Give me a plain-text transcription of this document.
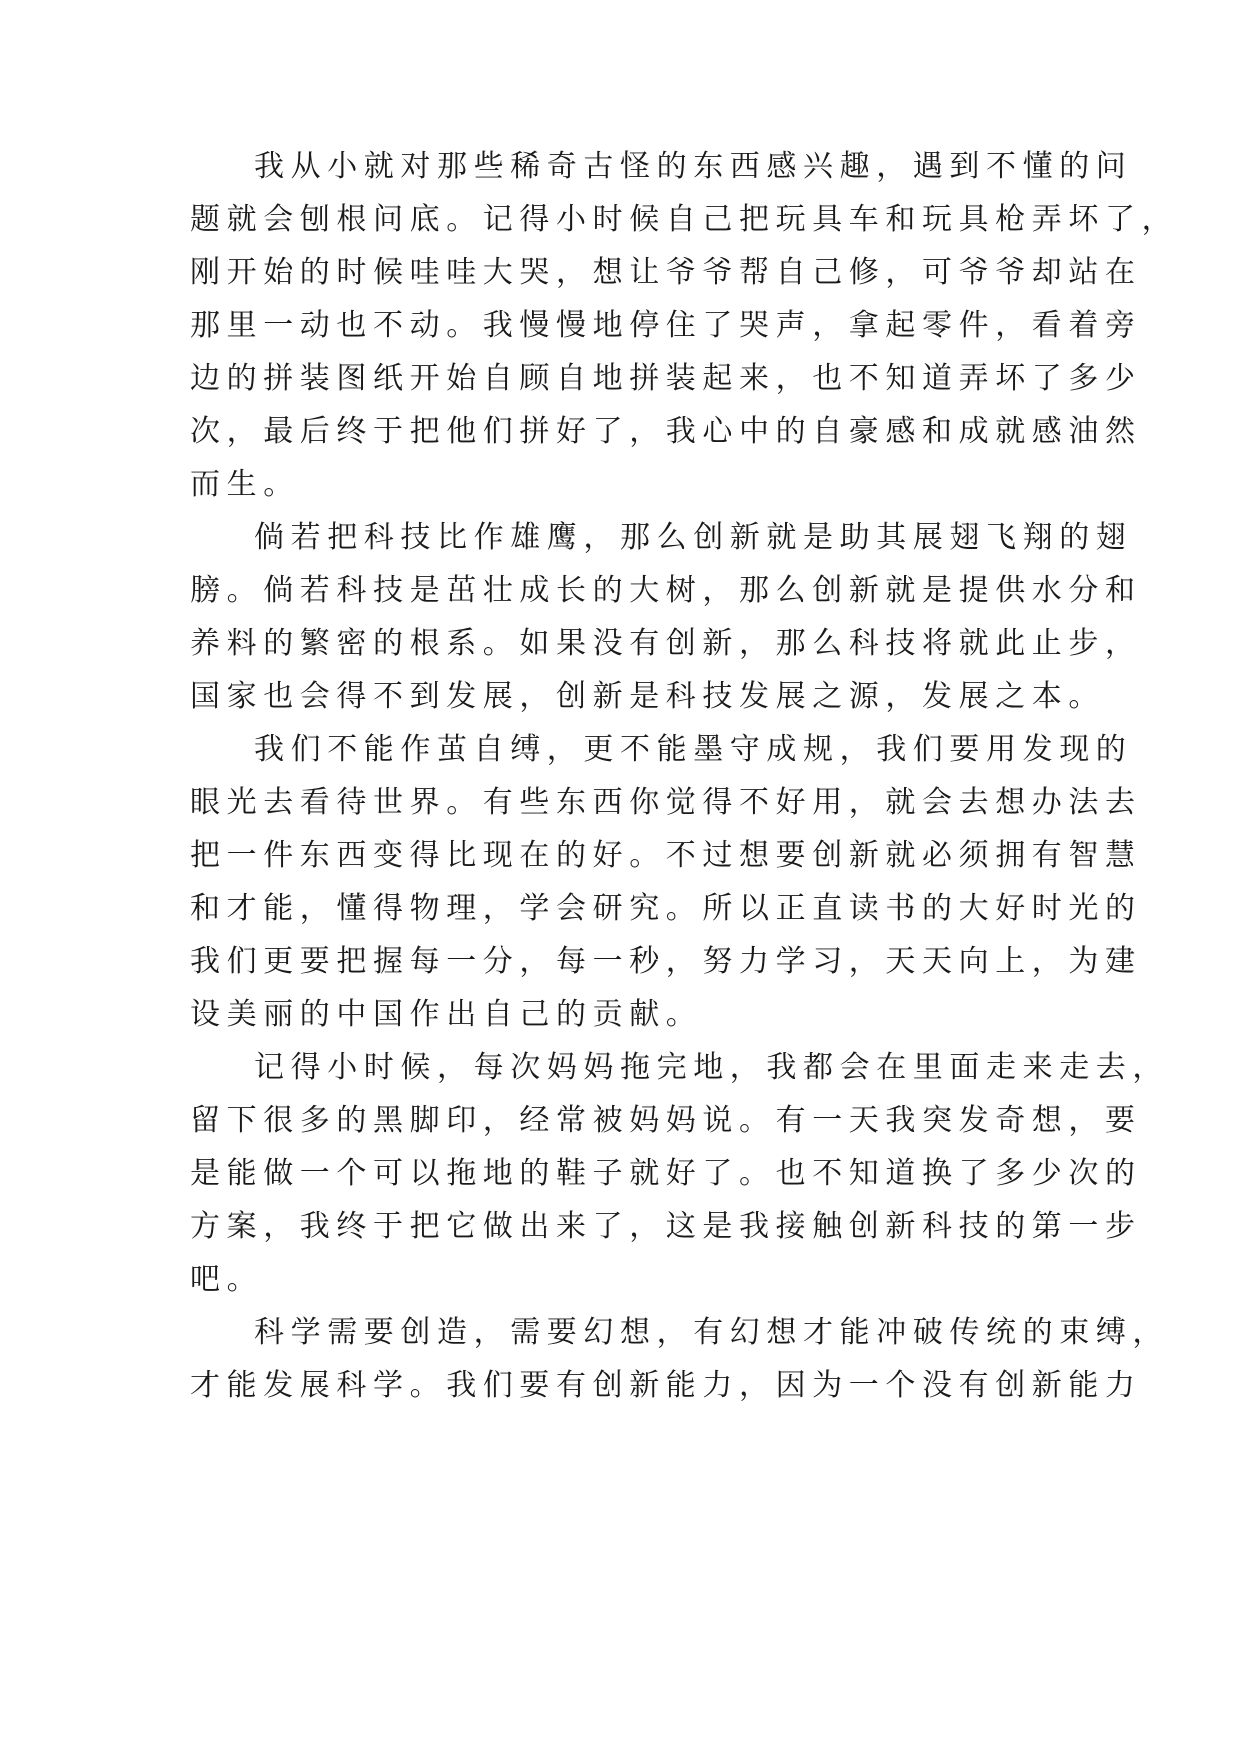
我从小就对那些稀奇古怪的东西感兴趣，遇到不懂的问
题就会刨根问底。记得小时候自己把玩具车和玩具枪弄坏了，
刚开始的时候哇哇大哭，想让爷爷帮自己修，可爷爷却站在
那里一动也不动。我慢慢地停住了哭声，拿起零件，看着旁
边的拼装图纸开始自顾自地拼装起来，也不知道弄坏了多少
次，最后终于把他们拼好了，我心中的自豪感和成就感油然
而生。
倘若把科技比作雄鹰，那么创新就是助其展翅飞翔的翅
膀。倘若科技是茁壮成长的大树，那么创新就是提供水分和
养料的繁密的根系。如果没有创新，那么科技将就此止步，
国家也会得不到发展，创新是科技发展之源，发展之本。
我们不能作茧自缚，更不能墨守成规，我们要用发现的
眼光去看待世界。有些东西你觉得不好用，就会去想办法去
把一件东西变得比现在的好。不过想要创新就必须拥有智慧
和才能，懂得物理，学会研究。所以正直读书的大好时光的
我们更要把握每一分，每一秒，努力学习，天天向上，为建
设美丽的中国作出自己的贡献。
记得小时候，每次妈妈拖完地，我都会在里面走来走去，
留下很多的黑脚印，经常被妈妈说。有一天我突发奇想，要
是能做一个可以拖地的鞋子就好了。也不知道换了多少次的
方案，我终于把它做出来了，这是我接触创新科技的第一步
吧。
科学需要创造，需要幻想，有幻想才能冲破传统的束缚，
才能发展科学。我们要有创新能力，因为一个没有创新能力
